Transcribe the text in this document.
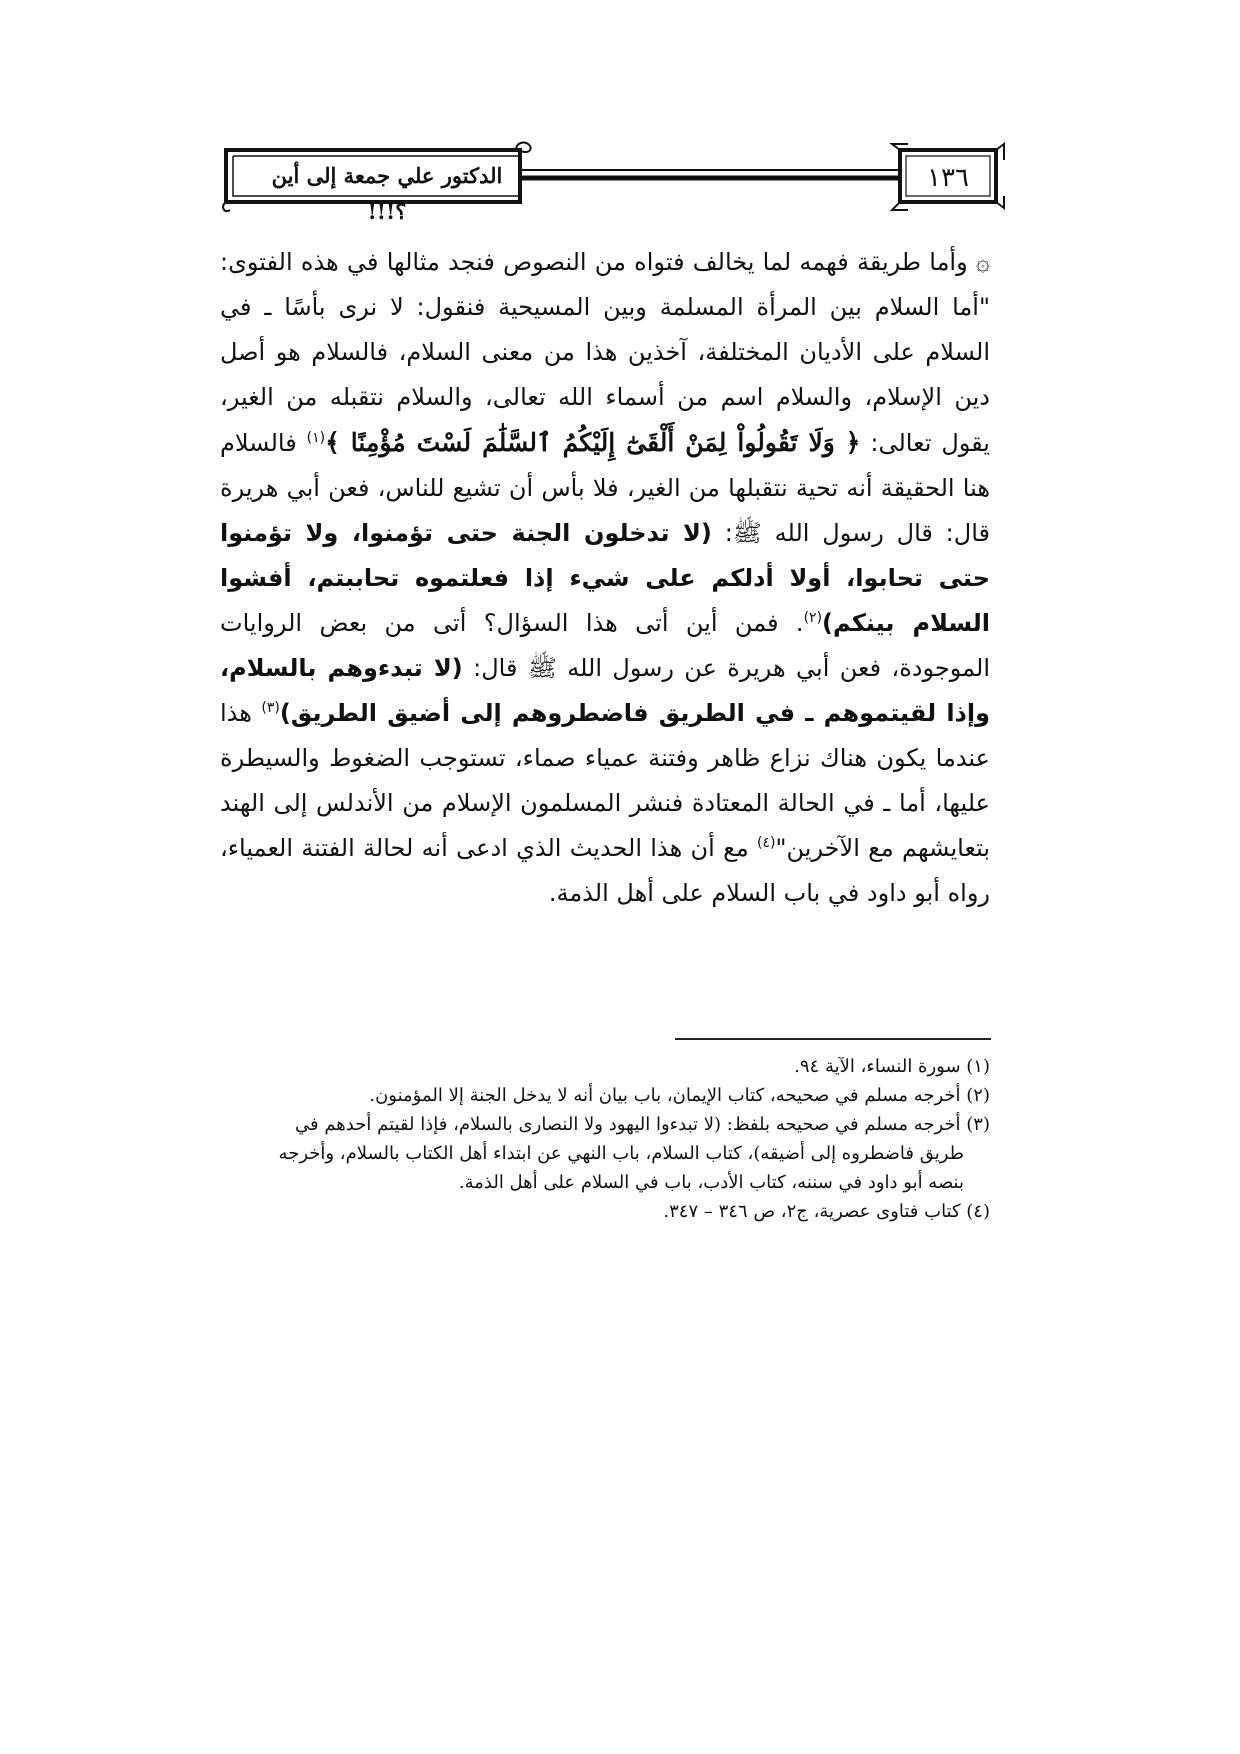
الدكتور علي جمعة إلى أين ؟!!!
١٣٦

۞ وأما طريقة فهمه لما يخالف فتواه من النصوص فنجد مثالها في هذه الفتوى: "أما السلام بين المرأة المسلمة وبين المسيحية فنقول: لا نرى بأسًا ـ في السلام على الأديان المختلفة، آخذين هذا من معنى السلام، فالسلام هو أصل دين الإسلام، والسلام اسم من أسماء الله تعالى، والسلام نتقبله من الغير، يقول تعالى: ﴿ وَلَا تَقُولُواْ لِمَنْ أَلْقَىٰٓ إِلَيْكُمُ ٱلسَّلَٰمَ لَسْتَ مُؤْمِنًا ﴾$^{(١)}$ فالسلام هنا الحقيقة أنه تحية نتقبلها من الغير، فلا بأس أن تشيع للناس، فعن أبي هريرة قال: قال رسول الله ﷺ: (لا تدخلون الجنة حتى تؤمنوا، ولا تؤمنوا حتى تحابوا، أولا أدلكم على شيء إذا فعلتموه تحاببتم، أفشوا السلام بينكم)$^{(٢)}$. فمن أين أتى هذا السؤال؟ أتى من بعض الروايات الموجودة، فعن أبي هريرة عن رسول الله ﷺ قال: (لا تبدءوهم بالسلام، وإذا لقيتموهم ـ في الطريق فاضطروهم إلى أضيق الطريق)$^{(٣)}$ هذا عندما يكون هناك نزاع ظاهر وفتنة عمياء صماء، تستوجب الضغوط والسيطرة عليها، أما ـ في الحالة المعتادة فنشر المسلمون الإسلام من الأندلس إلى الهند بتعايشهم مع الآخرين"$^{(٤)}$ مع أن هذا الحديث الذي ادعى أنه لحالة الفتنة العمياء، رواه أبو داود في باب السلام على أهل الذمة.

(١) سورة النساء، الآية ٩٤.

(٢) أخرجه مسلم في صحيحه، كتاب الإيمان، باب بيان أنه لا يدخل الجنة إلا المؤمنون.

(٣) أخرجه مسلم في صحيحه بلفظ: (لا تبدءوا اليهود ولا النصارى بالسلام، فإذا لقيتم أحدهم في

طريق فاضطروه إلى أضيقه)، كتاب السلام، باب النهي عن ابتداء أهل الكتاب بالسلام، وأخرجه

بنصه أبو داود في سننه، كتاب الأدب، باب في السلام على أهل الذمة.

(٤) كتاب فتاوى عصرية، ج٢، ص ٣٤٦ – ٣٤٧.
